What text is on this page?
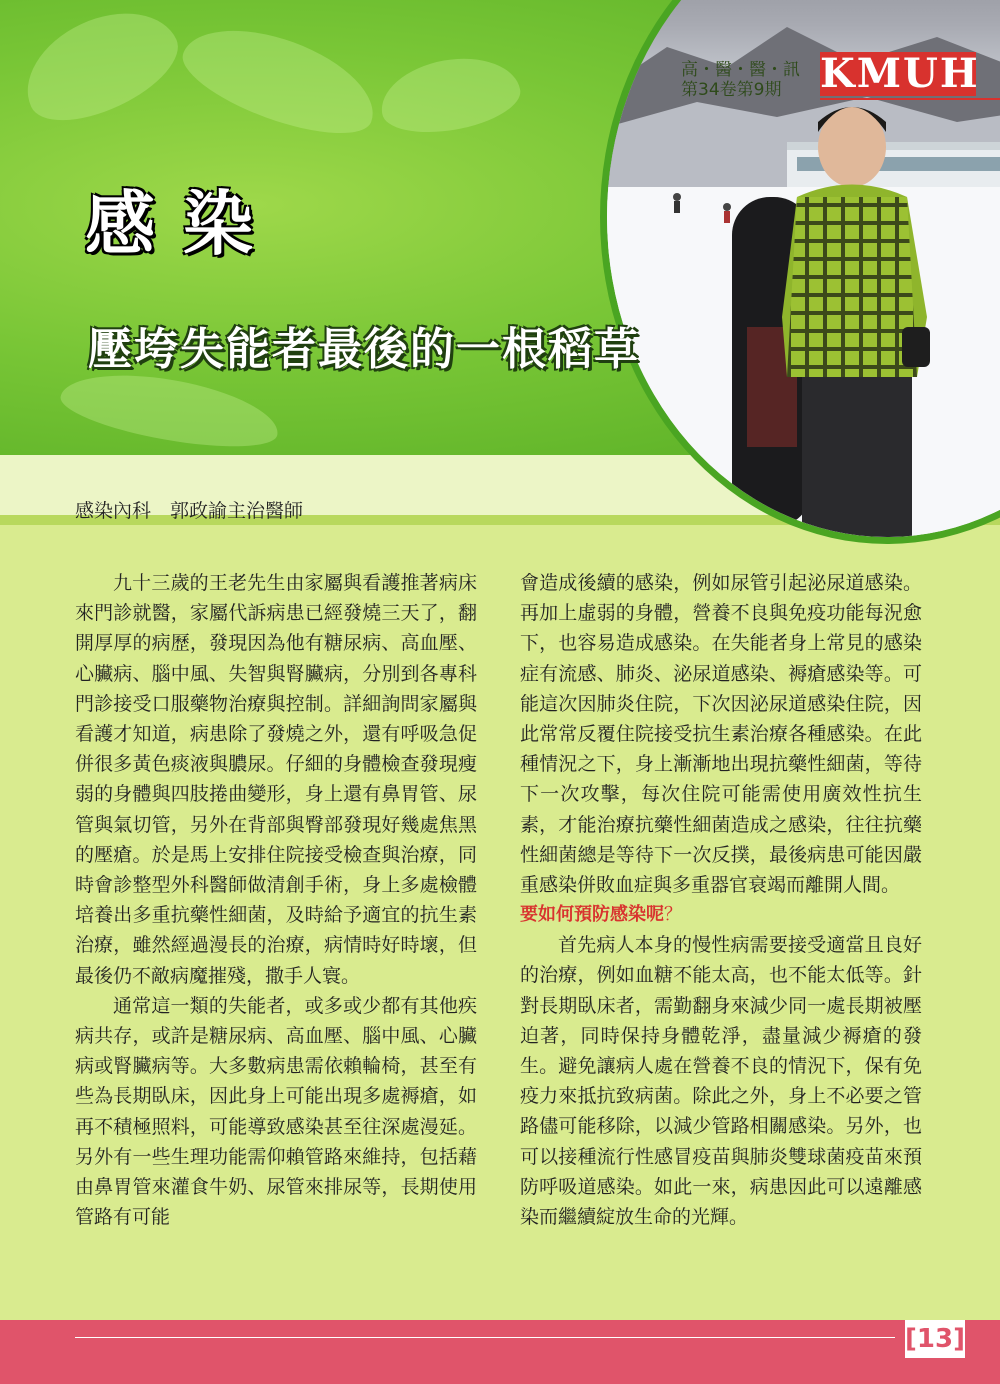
高・醫・醫・訊
第34卷第9期 KMUH
感染
壓垮失能者最後的一根稻草
感染內科　郭政諭主治醫師

九十三歲的王老先生由家屬與看護推著病床來門診就醫，家屬代訴病患已經發燒三天了，翻開厚厚的病歷，發現因為他有糖尿病、高血壓、心臟病、腦中風、失智與腎臟病，分別到各專科門診接受口服藥物治療與控制。詳細詢問家屬與看護才知道，病患除了發燒之外，還有呼吸急促併很多黃色痰液與膿尿。仔細的身體檢查發現瘦弱的身體與四肢捲曲變形，身上還有鼻胃管、尿管與氣切管，另外在背部與臀部發現好幾處焦黑的壓瘡。於是馬上安排住院接受檢查與治療，同時會診整型外科醫師做清創手術，身上多處檢體培養出多重抗藥性細菌，及時給予適宜的抗生素治療，雖然經過漫長的治療，病情時好時壞，但最後仍不敵病魔摧殘，撒手人寰。

通常這一類的失能者，或多或少都有其他疾病共存，或許是糖尿病、高血壓、腦中風、心臟病或腎臟病等。大多數病患需依賴輪椅，甚至有些為長期臥床，因此身上可能出現多處褥瘡，如再不積極照料，可能導致感染甚至往深處漫延。另外有一些生理功能需仰賴管路來維持，包括藉由鼻胃管來灌食牛奶、尿管來排尿等，長期使用管路有可能

會造成後續的感染，例如尿管引起泌尿道感染。再加上虛弱的身體，營養不良與免疫功能每況愈下，也容易造成感染。在失能者身上常見的感染症有流感、肺炎、泌尿道感染、褥瘡感染等。可能這次因肺炎住院，下次因泌尿道感染住院，因此常常反覆住院接受抗生素治療各種感染。在此種情況之下，身上漸漸地出現抗藥性細菌，等待下一次攻擊，每次住院可能需使用廣效性抗生素，才能治療抗藥性細菌造成之感染，往往抗藥性細菌總是等待下一次反撲，最後病患可能因嚴重感染併敗血症與多重器官衰竭而離開人間。

要如何預防感染呢？

首先病人本身的慢性病需要接受適當且良好的治療，例如血糖不能太高，也不能太低等。針對長期臥床者，需勤翻身來減少同一處長期被壓迫著，同時保持身體乾淨，盡量減少褥瘡的發生。避免讓病人處在營養不良的情況下，保有免疫力來抵抗致病菌。除此之外，身上不必要之管路儘可能移除，以減少管路相關感染。另外，也可以接種流行性感冒疫苗與肺炎雙球菌疫苗來預防呼吸道感染。如此一來，病患因此可以遠離感染而繼續綻放生命的光輝。

[13]
